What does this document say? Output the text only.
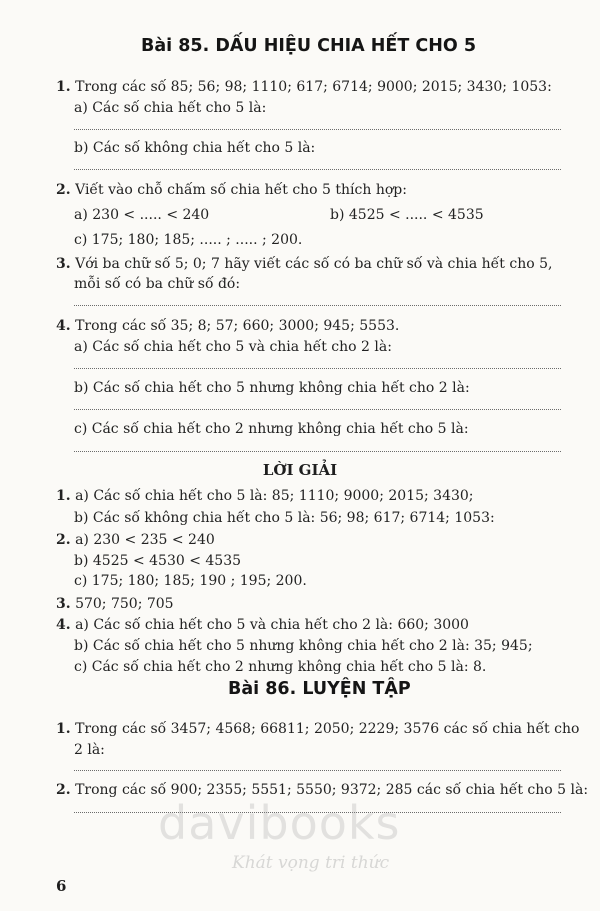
Bài 85. DẤU HIỆU CHIA HẾT CHO 5
1. Trong các số 85; 56; 98; 1110; 617; 6714; 9000; 2015; 3430; 1053:
a) Các số chia hết cho 5 là:
b) Các số không chia hết cho 5 là:
2. Viết vào chỗ chấm số chia hết cho 5 thích hợp:
a) 230 < ..... < 240	b) 4525 < ..... < 4535
c) 175; 180; 185; ..... ; ..... ; 200.
3. Với ba chữ số 5; 0; 7 hãy viết các số có ba chữ số và chia hết cho 5,
mỗi số có ba chữ số đó:
4. Trong các số 35; 8; 57; 660; 3000; 945; 5553.
a) Các số chia hết cho 5 và chia hết cho 2 là:
b) Các số chia hết cho 5 nhưng không chia hết cho 2 là:
c) Các số chia hết cho 2 nhưng không chia hết cho 5 là:
LỜI GIẢI
1. a) Các số chia hết cho 5 là: 85; 1110; 9000; 2015; 3430;
b) Các số không chia hết cho 5 là: 56; 98; 617; 6714; 1053:
2. a) 230 < 235 < 240
b) 4525 < 4530 < 4535
c) 175; 180; 185; 190 ; 195; 200.
3. 570; 750; 705
4. a) Các số chia hết cho 5 và chia hết cho 2 là: 660; 3000
b) Các số chia hết cho 5 nhưng không chia hết cho 2 là: 35; 945;
c) Các số chia hết cho 2 nhưng không chia hết cho 5 là: 8.
Bài 86. LUYỆN TẬP
1. Trong các số 3457; 4568; 66811; 2050; 2229; 3576 các số chia hết cho
2 là:
2. Trong các số 900; 2355; 5551; 5550; 9372; 285 các số chia hết cho 5 là:
davibooks
Khát vọng tri thức
6
